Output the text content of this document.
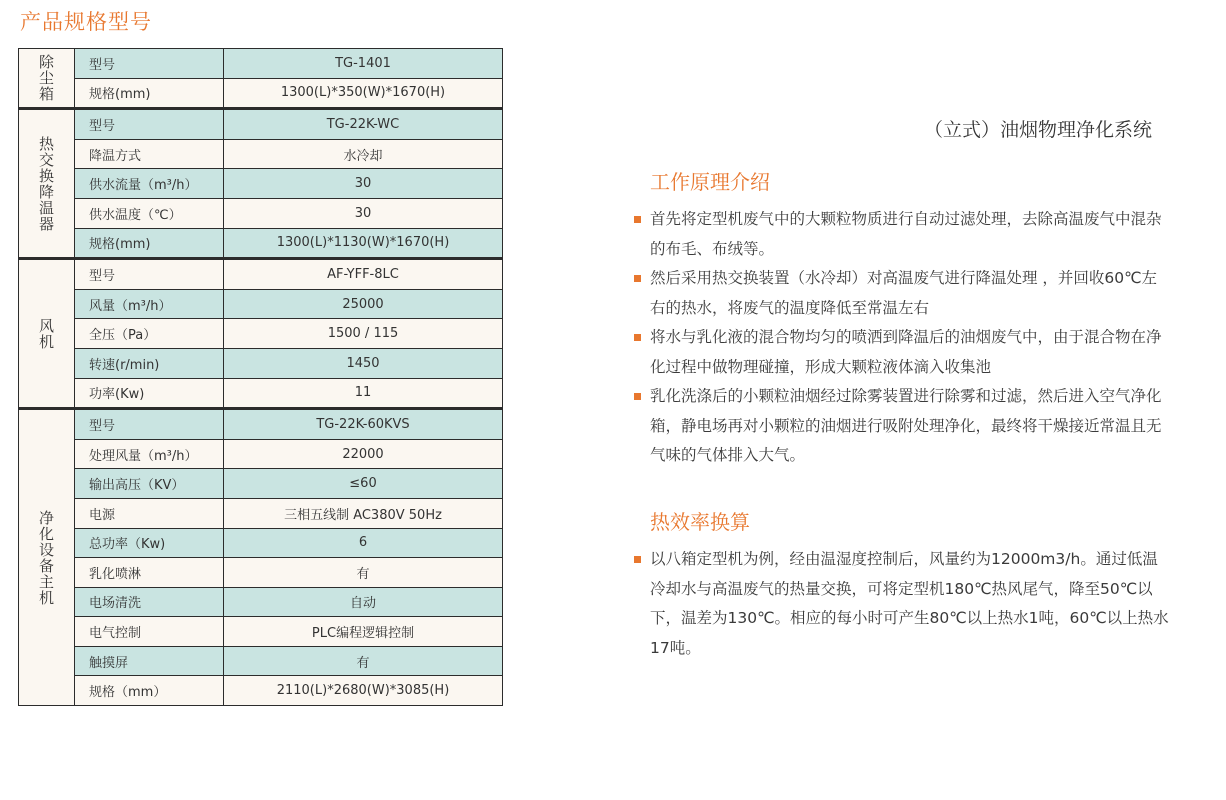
产品规格型号
除尘箱	型号	TG-1401
	规格(mm)	1300(L)*350(W)*1670(H)
热交换降温器	型号	TG-22K-WC
	降温方式	水冷却
	供水流量（m³/h）	30
	供水温度（℃）	30
	规格(mm)	1300(L)*1130(W)*1670(H)
风机	型号	AF-YFF-8LC
	风量（m³/h）	25000
	全压（Pa）	1500 / 115
	转速(r/min)	1450
	功率(Kw)	11
净化设备主机	型号	TG-22K-60KVS
	处理风量（m³/h）	22000
	输出高压（KV）	≤60
	电源	三相五线制 AC380V 50Hz
	总功率（Kw)	6
	乳化喷淋	有
	电场清洗	自动
	电气控制	PLC编程逻辑控制
	触摸屏	有
	规格（mm）	2110(L)*2680(W)*3085(H)
（立式）油烟物理净化系统
工作原理介绍
首先将定型机废气中的大颗粒物质进行自动过滤处理，去除高温废气中混杂的布毛、布绒等。
然后采用热交换装置（水冷却）对高温废气进行降温处理 ，并回收60℃左右的热水，将废气的温度降低至常温左右
将水与乳化液的混合物均匀的喷洒到降温后的油烟废气中，由于混合物在净化过程中做物理碰撞，形成大颗粒液体滴入收集池
乳化洗涤后的小颗粒油烟经过除雾装置进行除雾和过滤，然后进入空气净化箱，静电场再对小颗粒的油烟进行吸附处理净化，最终将干燥接近常温且无气味的气体排入大气。
热效率换算
以八箱定型机为例，经由温湿度控制后，风量约为12000m3/h。通过低温冷却水与高温废气的热量交换，可将定型机180℃热风尾气，降至50℃以下，温差为130℃。相应的每小时可产生80℃以上热水1吨，60℃以上热水17吨。
